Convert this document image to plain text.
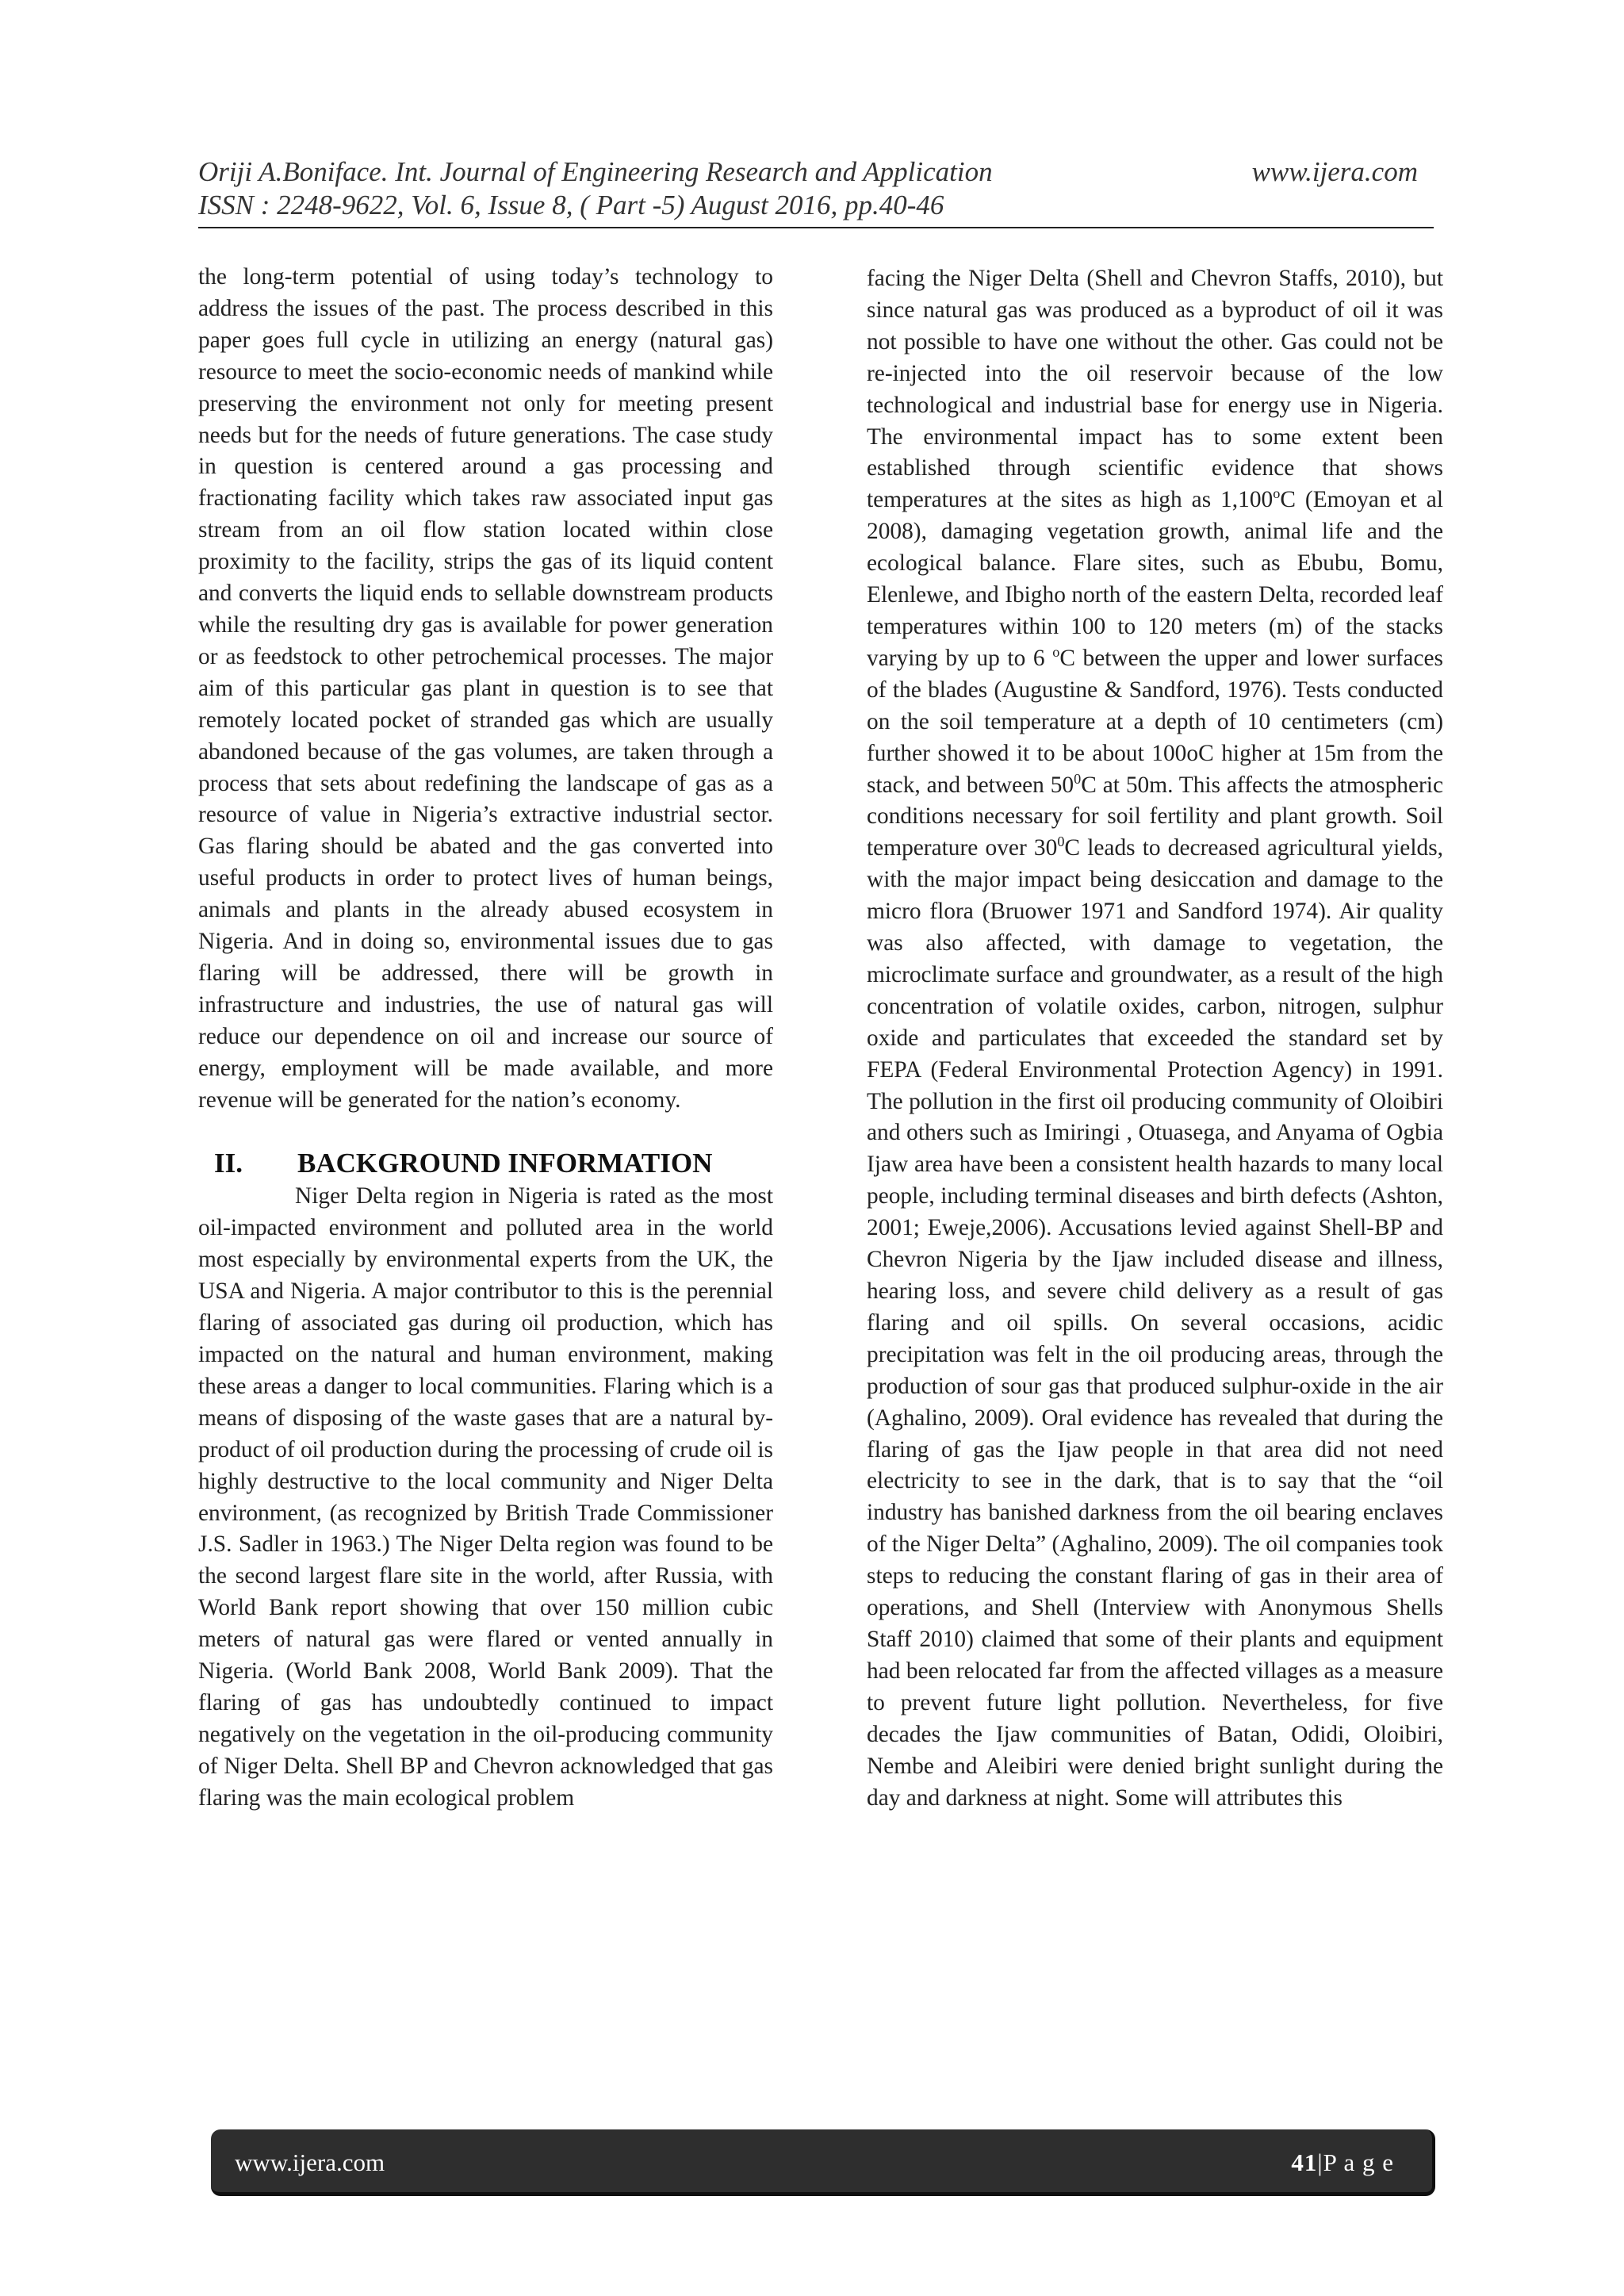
Oriji A.Boniface. Int. Journal of Engineering Research and Application	www.ijera.com
ISSN : 2248-9622, Vol. 6, Issue 8, ( Part -5) August 2016, pp.40-46

the long-term potential of using today’s technology to address the issues of the past. The process described in this paper goes full cycle in utilizing an energy (natural gas) resource to meet the socio-economic needs of mankind while preserving the environment not only for meeting present needs but for the needs of future generations. The case study in question is centered around a gas processing and fractionating facility which takes raw associated input gas stream from an oil flow station located within close proximity to the facility, strips the gas of its liquid content and converts the liquid ends to sellable downstream products while the resulting dry gas is available for power generation or as feedstock to other petrochemical processes. The major aim of this particular gas plant in question is to see that remotely located pocket of stranded gas which are usually abandoned because of the gas volumes, are taken through a process that sets about redefining the landscape of gas as a resource of value in Nigeria’s extractive industrial sector. Gas flaring should be abated and the gas converted into useful products in order to protect lives of human beings, animals and plants in the already abused ecosystem in Nigeria. And in doing so, environmental issues due to gas flaring will be addressed, there will be growth in infrastructure and industries, the use of natural gas will reduce our dependence on oil and increase our source of energy, employment will be made available, and more revenue will be generated for the nation’s economy.

II.	BACKGROUND INFORMATION

Niger Delta region in Nigeria is rated as the most oil-impacted environment and polluted area in the world most especially by environmental experts from the UK, the USA and Nigeria. A major contributor to this is the perennial flaring of associated gas during oil production, which has impacted on the natural and human environment, making these areas a danger to local communities. Flaring which is a means of disposing of the waste gases that are a natural by-product of oil production during the processing of crude oil is highly destructive to the local community and Niger Delta environment, (as recognized by British Trade Commissioner J.S. Sadler in 1963.) The Niger Delta region was found to be the second largest flare site in the world, after Russia, with World Bank report showing that over 150 million cubic meters of natural gas were flared or vented annually in Nigeria. (World Bank 2008, World Bank 2009). That the flaring of gas has undoubtedly continued to impact negatively on the vegetation in the oil-producing community of Niger Delta. Shell BP and Chevron acknowledged that gas flaring was the main ecological problem

facing the Niger Delta (Shell and Chevron Staffs, 2010), but since natural gas was produced as a byproduct of oil it was not possible to have one without the other. Gas could not be re-injected into the oil reservoir because of the low technological and industrial base for energy use in Nigeria. The environmental impact has to some extent been established through scientific evidence that shows temperatures at the sites as high as 1,100$^o$C (Emoyan et al 2008), damaging vegetation growth, animal life and the ecological balance. Flare sites, such as Ebubu, Bomu, Elenlewe, and Ibigho north of the eastern Delta, recorded leaf temperatures within 100 to 120 meters (m) of the stacks varying by up to 6 $^o$C between the upper and lower surfaces of the blades (Augustine & Sandford, 1976). Tests conducted on the soil temperature at a depth of 10 centimeters (cm) further showed it to be about 100oC higher at 15m from the stack, and between $50^0C$ at 50m. This affects the atmospheric conditions necessary for soil fertility and plant growth. Soil temperature over $30^0C$ leads to decreased agricultural yields, with the major impact being desiccation and damage to the micro flora (Bruower 1971 and Sandford 1974). Air quality was also affected, with damage to vegetation, the microclimate surface and groundwater, as a result of the high concentration of volatile oxides, carbon, nitrogen, sulphur oxide and particulates that exceeded the standard set by FEPA (Federal Environmental Protection Agency) in 1991. The pollution in the first oil producing community of Oloibiri and others such as Imiringi , Otuasega, and Anyama of Ogbia Ijaw area have been a consistent health hazards to many local people, including terminal diseases and birth defects (Ashton, 2001; Eweje,2006). Accusations levied against Shell-BP and Chevron Nigeria by the Ijaw included disease and illness, hearing loss, and severe child delivery as a result of gas flaring and oil spills. On several occasions, acidic precipitation was felt in the oil producing areas, through the production of sour gas that produced sulphur-oxide in the air (Aghalino, 2009). Oral evidence has revealed that during the flaring of gas the Ijaw people in that area did not need electricity to see in the dark, that is to say that the “oil industry has banished darkness from the oil bearing enclaves of the Niger Delta” (Aghalino, 2009). The oil companies took steps to reducing the constant flaring of gas in their area of operations, and Shell (Interview with Anonymous Shells Staff 2010) claimed that some of their plants and equipment had been relocated far from the affected villages as a measure to prevent future light pollution. Nevertheless, for five decades the Ijaw communities of Batan, Odidi, Oloibiri, Nembe and Aleibiri were denied bright sunlight during the day and darkness at night. Some will attributes this

www.ijera.com	41|P a g e
